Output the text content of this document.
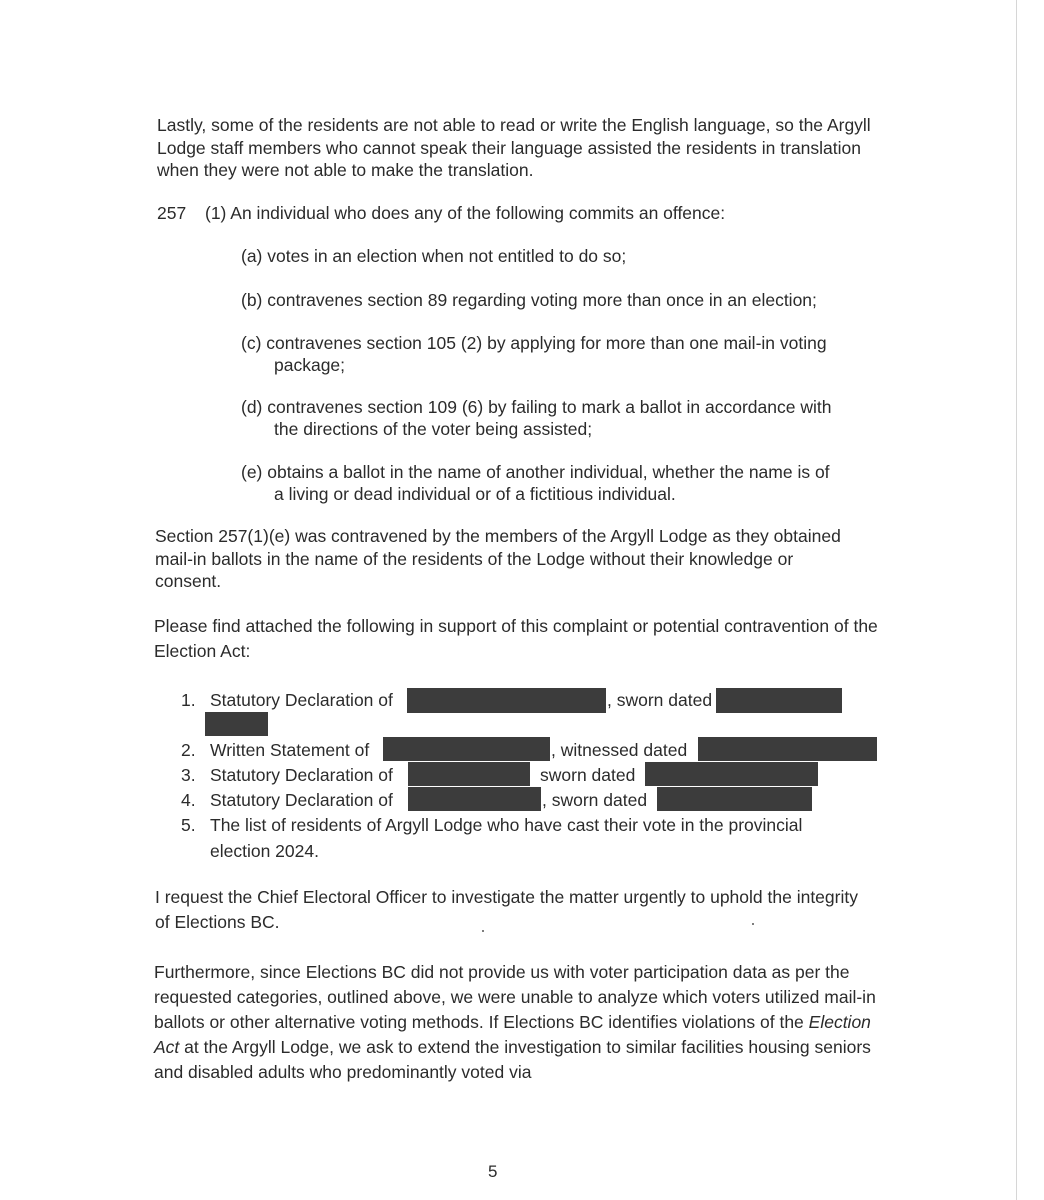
Lastly, some of the residents are not able to read or write the English language, so the Argyll Lodge staff members who cannot speak their language assisted the residents in translation when they were not able to make the translation.

257 (1) An individual who does any of the following commits an offence:
(a) votes in an election when not entitled to do so;
(b) contravenes section 89 regarding voting more than once in an election;
(c) contravenes section 105 (2) by applying for more than one mail-in voting
package;
(d) contravenes section 109 (6) by failing to mark a ballot in accordance with
the directions of the voter being assisted;
(e) obtains a ballot in the name of another individual, whether the name is of
a living or dead individual or of a fictitious individual.

Section 257(1)(e) was contravened by the members of the Argyll Lodge as they obtained mail-in ballots in the name of the residents of the Lodge without their knowledge or consent.

Please find attached the following in support of this complaint or potential contravention of the Election Act:

1. Statutory Declaration of	, sworn dated
2. Written Statement of	, witnessed dated
3. Statutory Declaration of	sworn dated
4. Statutory Declaration of	, sworn dated
5. The list of residents of Argyll Lodge who have cast their vote in the provincial
election 2024.

I request the Chief Electoral Officer to investigate the matter urgently to uphold the integrity of Elections BC.

Furthermore, since Elections BC did not provide us with voter participation data as per the requested categories, outlined above, we were unable to analyze which voters utilized mail-in ballots or other alternative voting methods. If Elections BC identifies violations of the Election Act at the Argyll Lodge, we ask to extend the investigation to similar facilities housing seniors and disabled adults who predominantly voted via

5
